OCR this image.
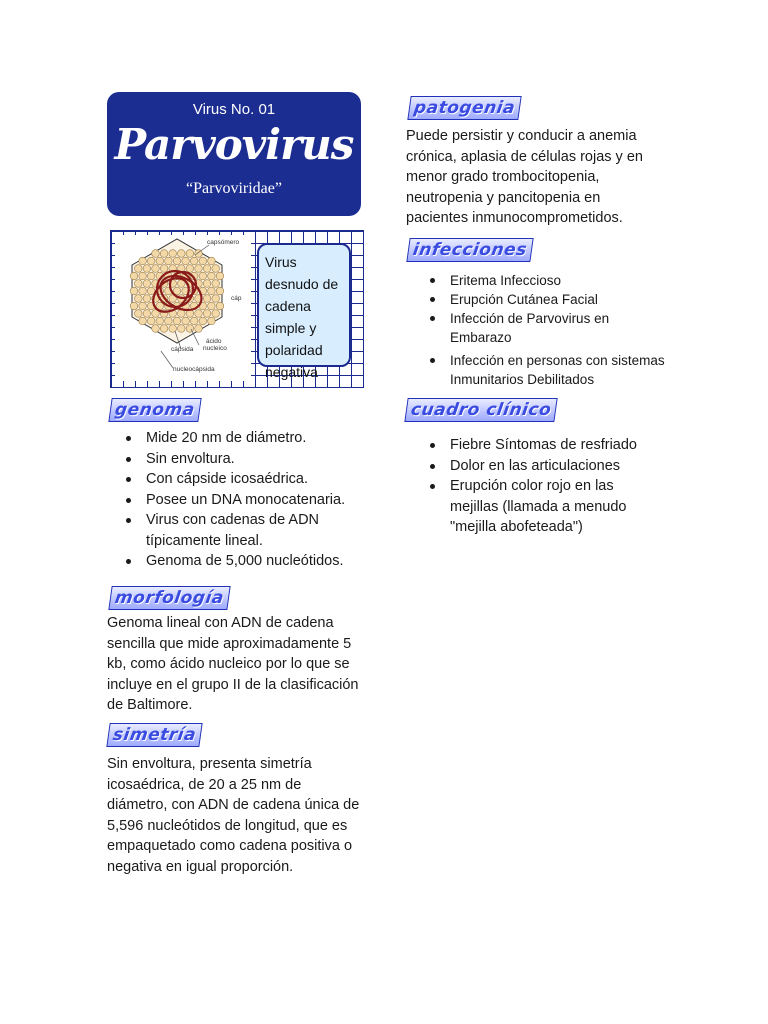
Virus No. 01
Parvovirus
“Parvoviridae”
capsómero
cáp
ácido
nucleico
cápsida
nucleocápsida
Virus desnudo de cadena simple y polaridad negativa
genoma
Mide 20 nm de diámetro.
Sin envoltura.
Con cápside icosaédrica.
Posee un DNA monocatenaria.
Virus con cadenas de ADN típicamente lineal.
Genoma de 5,000 nucleótidos.
morfología
Genoma lineal con ADN de cadena sencilla que mide aproximadamente 5 kb, como ácido nucleico por lo que se incluye en el grupo II de la clasificación de Baltimore.
simetría
Sin envoltura, presenta simetría icosaédrica, de 20 a 25 nm de diámetro, con ADN de cadena única de 5,596 nucleótidos de longitud, que es empaquetado como cadena positiva o negativa en igual proporción.
patogenia
Puede persistir y conducir a anemia crónica, aplasia de células rojas y en menor grado trombocitopenia, neutropenia y pancitopenia en pacientes inmunocomprometidos.
infecciones
Eritema Infeccioso
Erupción Cutánea Facial
Infección de Parvovirus en Embarazo
Infección en personas con sistemas Inmunitarios Debilitados
cuadro clínico
Fiebre Síntomas de resfriado
Dolor en las articulaciones
Erupción color rojo en las mejillas (llamada a menudo "mejilla abofeteada")
